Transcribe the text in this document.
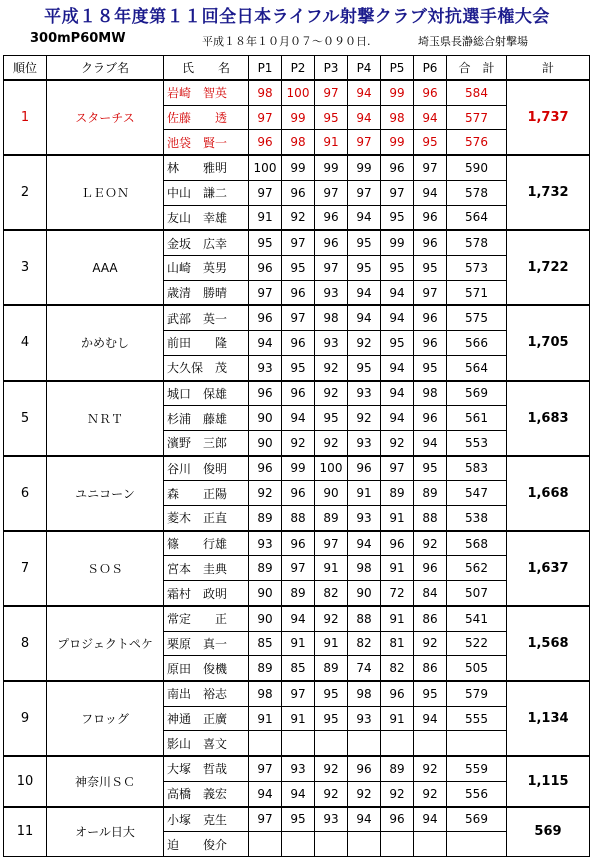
平成１８年度第１１回全日本ライフル射撃クラブ対抗選手権大会
300mP60MW	平成１８年１０月０７～０９０日.	埼玉県長瀞総合射撃場
順位	クラブ名	氏　　名	P1	P2	P3	P4	P5	P6	合　計	計
1	スターチス	岩崎　智英	98	100	97	94	99	96	584	1,737
		佐藤　　透	97	99	95	94	98	94	577	
		池袋　賢一	96	98	91	97	99	95	576	
2	ＬＥＯＮ	林　　雅明	100	99	99	99	96	97	590	1,732
		中山　謙二	97	96	97	97	97	94	578	
		友山　幸雄	91	92	96	94	95	96	564	
3	AAA	金坂　広幸	95	97	96	95	99	96	578	1,722
		山崎　英男	96	95	97	95	95	95	573	
		歳清　勝晴	97	96	93	94	94	97	571	
4	かめむし	武部　英一	96	97	98	94	94	96	575	1,705
		前田　　隆	94	96	93	92	95	96	566	
		大久保　茂	93	95	92	95	94	95	564	
5	ＮＲＴ	城口　保雄	96	96	92	93	94	98	569	1,683
		杉浦　藤雄	90	94	95	92	94	96	561	
		濱野　三郎	90	92	92	93	92	94	553	
6	ユニコーン	谷川　俊明	96	99	100	96	97	95	583	1,668
		森　　正陽	92	96	90	91	89	89	547	
		菱木　正直	89	88	89	93	91	88	538	
7	ＳＯＳ	篠　　行雄	93	96	97	94	96	92	568	1,637
		宮本　圭典	89	97	91	98	91	96	562	
		霜村　政明	90	89	82	90	72	84	507	
8	プロジェクトペケ	常定　　正	90	94	92	88	91	86	541	1,568
		栗原　真一	85	91	91	82	81	92	522	
		原田　俊機	89	85	89	74	82	86	505	
9	フロッグ	南出　裕志	98	97	95	98	96	95	579	1,134
		神通　正廣	91	91	95	93	91	94	555	
		影山　喜文								
10	神奈川ＳＣ	大塚　哲哉	97	93	92	96	89	92	559	1,115
		高橋　義宏	94	94	92	92	92	92	556	
11	オール日大	小塚　克生	97	95	93	94	96	94	569	569
		迫　　俊介								
